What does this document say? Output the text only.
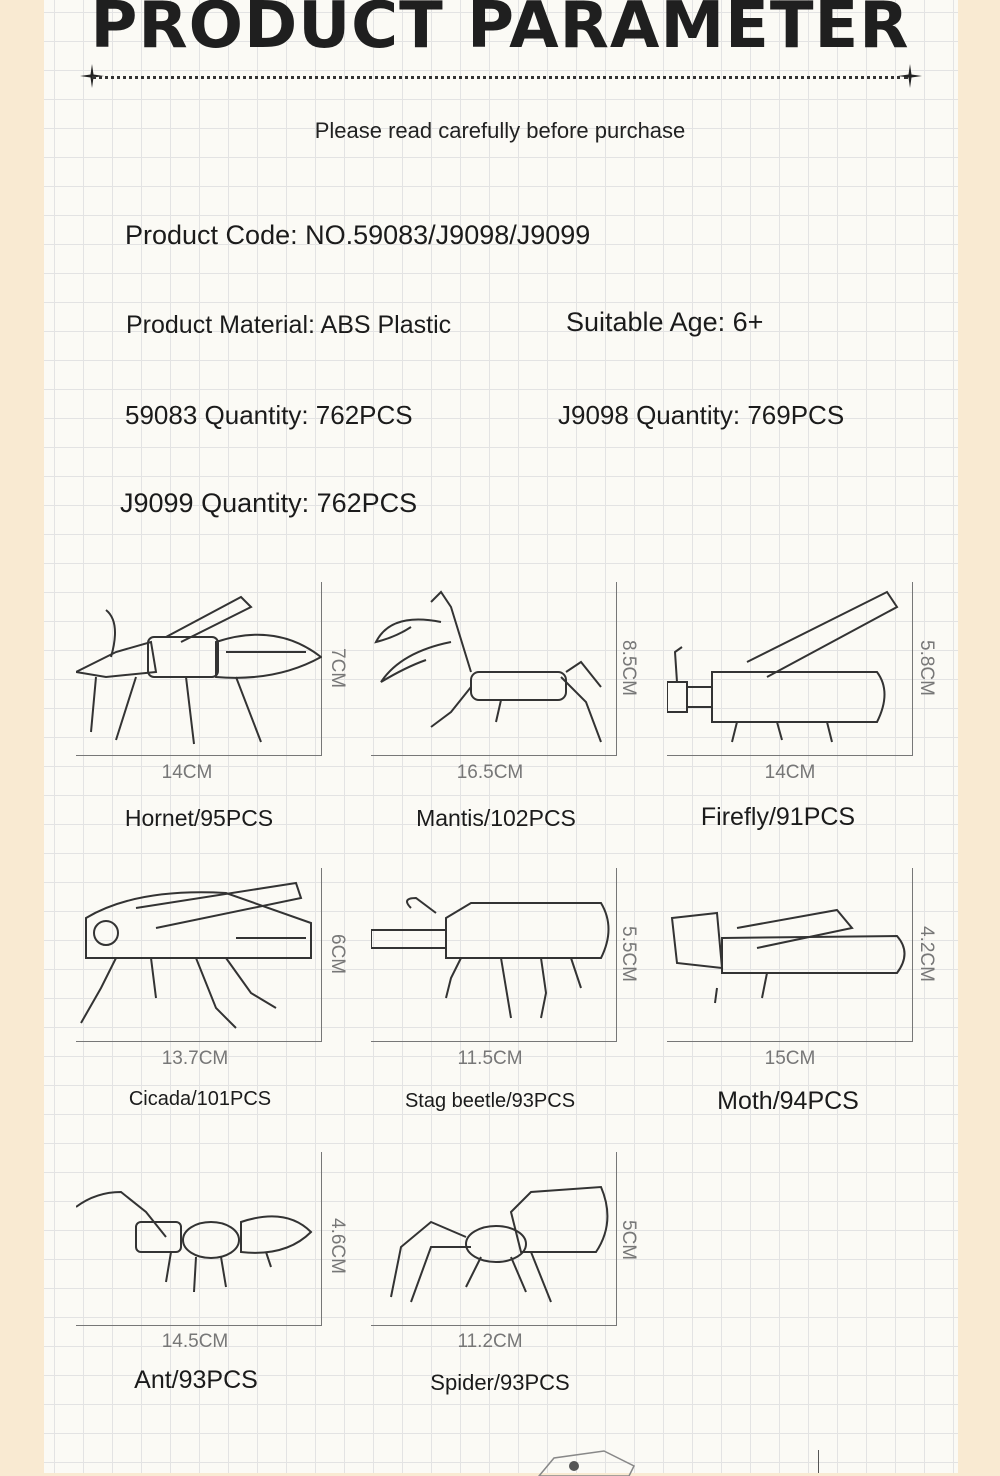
PRODUCT PARAMETER
Please read carefully before purchase
Product Code: NO.59083/J9098/J9099
Product Material: ABS Plastic	Suitable Age: 6+
59083 Quantity: 762PCS	J9098 Quantity: 769PCS
J9099 Quantity: 762PCS
7CM
14CM
Hornet/95PCS
8.5CM
16.5CM
Mantis/102PCS
5.8CM
14CM
Firefly/91PCS
6CM
13.7CM
Cicada/101PCS
5.5CM
11.5CM
Stag beetle/93PCS
4.2CM
15CM
Moth/94PCS
4.6CM
14.5CM
Ant/93PCS
5CM
11.2CM
Spider/93PCS
